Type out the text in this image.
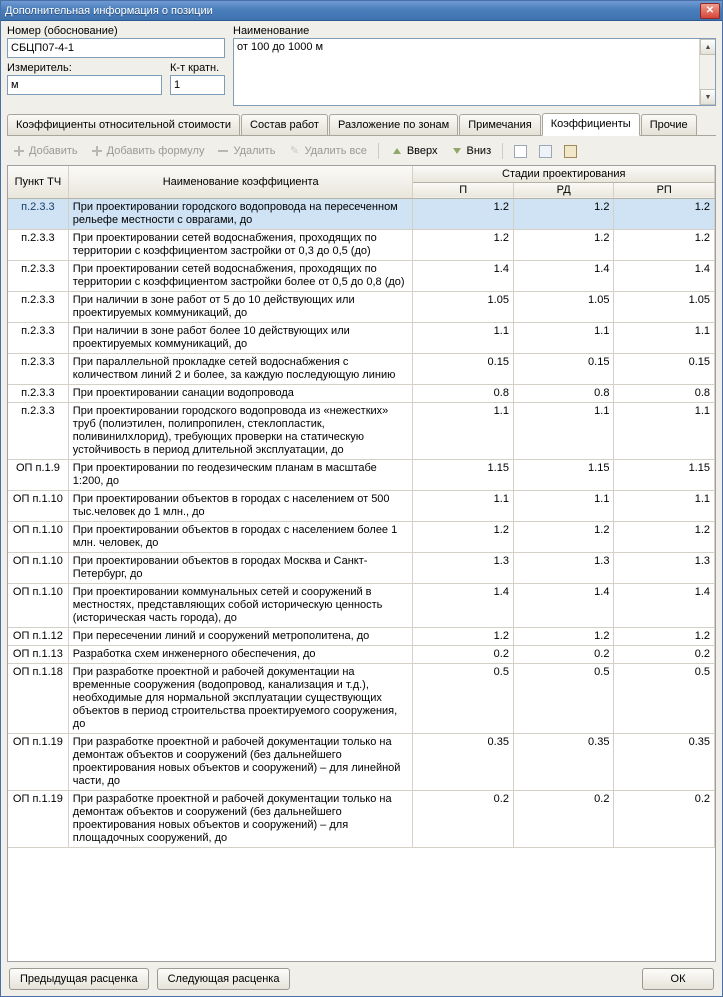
Дополнительная информация о позиции	✕
Номер (обоснование)
СБЦП07-4-1
Измеритель:
м
К-т кратн.
1
Наименование
от 100 до 1000 м	▲
▼
Коэффициенты относительной стоимости	Состав работ	Разложение по зонам	Примечания	Коэффициенты	Прочие
Добавить	Добавить формулу	Удалить ✎ Удалить все	Вверх	Вниз
Пункт ТЧ	Наименование коэффициента	Стадии проектирования		
		П	РД	РП
п.2.3.3	При проектировании городского водопровода на пересеченном рельефе местности с оврагами, до	1.2	1.2	1.2
п.2.3.3	При проектировании сетей водоснабжения, проходящих по территории с коэффициентом застройки от 0,3 до 0,5 (до)	1.2	1.2	1.2
п.2.3.3	При проектировании сетей водоснабжения, проходящих по территории с коэффициентом застройки более от 0,5 до 0,8 (до)	1.4	1.4	1.4
п.2.3.3	При наличии в зоне работ от 5 до 10 действующих или проектируемых коммуникаций, до	1.05	1.05	1.05
п.2.3.3	При наличии в зоне работ более 10 действующих или проектируемых коммуникаций, до	1.1	1.1	1.1
п.2.3.3	При параллельной прокладке сетей водоснабжения с количеством линий 2 и более, за каждую последующую линию	0.15	0.15	0.15
п.2.3.3	При проектировании санации водопровода	0.8	0.8	0.8
п.2.3.3	При проектировании городского водопровода из «нежестких» труб (полиэтилен, полипропилен, стеклопластик, поливинилхлорид), требующих проверки на статическую устойчивость в период длительной эксплуатации, до	1.1	1.1	1.1
ОП п.1.9	При проектировании по геодезическим планам в масштабе 1:200, до	1.15	1.15	1.15
ОП п.1.10	При проектировании объектов в городах с населением от 500 тыс.человек до 1 млн., до	1.1	1.1	1.1
ОП п.1.10	При проектировании объектов в городах с населением более 1 млн. человек, до	1.2	1.2	1.2
ОП п.1.10	При проектировании объектов в городах Москва и Санкт-Петербург, до	1.3	1.3	1.3
ОП п.1.10	При проектировании коммунальных сетей и сооружений в местностях, представляющих собой историческую ценность (историческая часть города), до	1.4	1.4	1.4
ОП п.1.12	При пересечении линий и сооружений метрополитена, до	1.2	1.2	1.2
ОП п.1.13	Разработка схем инженерного обеспечения, до	0.2	0.2	0.2
ОП п.1.18	При разработке проектной и рабочей документации на временные сооружения (водопровод, канализация и т.д.), необходимые для нормальной эксплуатации существующих объектов в период строительства проектируемого сооружения, до	0.5	0.5	0.5
ОП п.1.19	При разработке проектной и рабочей документации только на демонтаж объектов и сооружений (без дальнейшего проектирования новых объектов и сооружений) – для линейной части, до	0.35	0.35	0.35
ОП п.1.19	При разработке проектной и рабочей документации только на демонтаж объектов и сооружений (без дальнейшего проектирования новых объектов и сооружений) – для площадочных сооружений, до	0.2	0.2	0.2
Предыдущая расценка	Следующая расценка	ОК
